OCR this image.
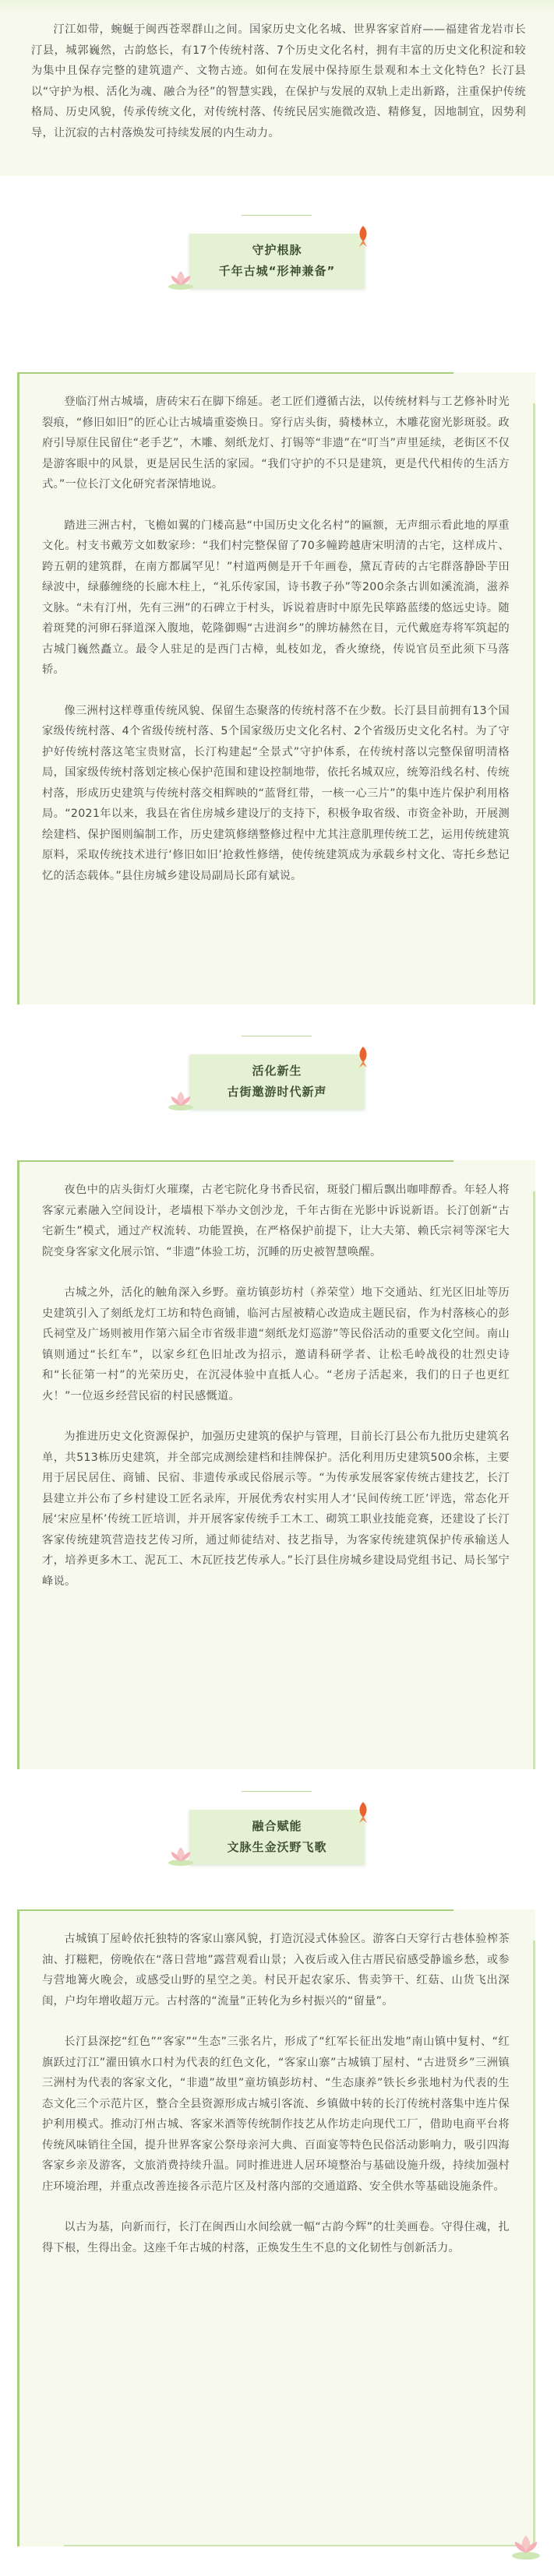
汀江如带，蜿蜒于闽西苍翠群山之间。国家历史文化名城、世界客家首府——福建省龙岩市长汀县，城郭巍然，古韵悠长，有17个传统村落、7个历史文化名村，拥有丰富的历史文化积淀和较为集中且保存完整的建筑遗产、文物古迹。如何在发展中保持原生景观和本土文化特色？长汀县以“守护为根、活化为魂、融合为径”的智慧实践，在保护与发展的双轨上走出新路，注重保护传统格局、历史风貌，传承传统文化，对传统村落、传统民居实施微改造、精修复，因地制宜，因势利导，让沉寂的古村落焕发可持续发展的内生动力。

守护根脉
千年古城“形神兼备”

登临汀州古城墙，唐砖宋石在脚下绵延。老工匠们遵循古法，以传统材料与工艺修补时光裂痕，“修旧如旧”的匠心让古城墙重姿焕日。穿行店头街，骑楼林立，木雕花窗光影斑驳。政府引导原住民留住“老手艺”，木雕、刻纸龙灯、打锡等“非遗”在“叮当”声里延续，老街区不仅是游客眼中的风景，更是居民生活的家园。“我们守护的不只是建筑，更是代代相传的生活方式。”一位长汀文化研究者深情地说。

踏进三洲古村，飞檐如翼的门楼高悬“中国历史文化名村”的匾额，无声细示看此地的厚重文化。村支书戴芳文如数家珍：“我们村完整保留了70多幢跨越唐宋明清的古宅，这样成片、跨五朝的建筑群，在南方都属罕见！”村道两侧是开千年画卷，黛瓦青砖的古宅群落静卧芋田绿波中，绿藤缠绕的长廊木柱上，“礼乐传家国，诗书教子孙”等200余条古训如溪流淌，滋养文脉。“未有汀州，先有三洲”的石碑立于村头，诉说着唐时中原先民筚路蓝缕的悠远史诗。随着斑凳的河卵石驿道深入腹地，乾隆御赐“古进润乡”的牌坊赫然在目，元代戴庭寿将军筑起的古城门巍然矗立。最令人驻足的是西门古樟，虬枝如龙，香火缭绕，传说官员至此须下马落轿。

像三洲村这样尊重传统风貌、保留生态聚落的传统村落不在少数。长汀县目前拥有13个国家级传统村落、4个省级传统村落、5个国家级历史文化名村、2个省级历史文化名村。为了守护好传统村落这笔宝贵财富，长汀构建起“全景式”守护体系，在传统村落以完整保留明清格局，国家级传统村落划定核心保护范围和建设控制地带，依托名城双应，统筹沿线名村、传统村落，形成历史建筑与传统村落交相辉映的“蓝肾红带，一核一心三片”的集中连片保护利用格局。“2021年以来，我县在省住房城乡建设厅的支持下，积极争取省级、市资金补助，开展测绘建档、保护图则编制工作，历史建筑修缮整修过程中尤其注意肌理传统工艺，运用传统建筑原料，采取传统技术进行‘修旧如旧’抢救性修缮，使传统建筑成为承载乡村文化、寄托乡愁记忆的活态载体。”县住房城乡建设局副局长邱有斌说。

活化新生
古街邀游时代新声

夜色中的店头街灯火璀璨，古老宅院化身书香民宿，斑驳门楣后飘出咖啡醇香。年轻人将客家元素融入空间设计，老墙根下举办文创沙龙，千年古街在光影中诉说新语。长汀创新“古宅新生”模式，通过产权流转、功能置换，在严格保护前提下，让大夫第、赖氏宗祠等深宅大院变身客家文化展示馆、“非遗”体验工坊，沉睡的历史被智慧唤醒。

古城之外，活化的触角深入乡野。童坊镇彭坊村（养荣堂）地下交通站、红光区旧址等历史建筑引入了刻纸龙灯工坊和特色商铺，临河古屋被精心改造成主题民宿，作为村落核心的彭氏祠堂及广场则被用作第六届全市省级非遗“刻纸龙灯巡游”等民俗活动的重要文化空间。南山镇则通过“长红车”，以家乡红色旧址改为招示，邀请科研学者、让松毛岭战役的壮烈史诗和“长征第一村”的光荣历史，在沉浸体验中直抵人心。“老房子活起来，我们的日子也更红火！”一位返乡经营民宿的村民感慨道。

为推进历史文化资源保护，加强历史建筑的保护与管理，目前长汀县公布九批历史建筑名单，共513栋历史建筑，并全部完成测绘建档和挂牌保护。活化利用历史建筑500余栋，主要用于居民居住、商铺、民宿、非遗传承或民俗展示等。“为传承发展客家传统古建技艺，长汀县建立并公布了乡村建设工匠名录库，开展优秀农村实用人才‘民间传统工匠’评选，常态化开展‘宋应星杯’传统工匠培训，并开展客家传统手工木工、砌筑工职业技能竞赛，还建设了长汀客家传统建筑营造技艺传习所，通过师徒结对、技艺指导，为客家传统建筑保护传承输送人才，培养更多木工、泥瓦工、木瓦匠技艺传承人。”长汀县住房城乡建设局党组书记、局长邹宁峰说。

融合赋能
文脉生金沃野飞歌

古城镇丁屋岭依托独特的客家山寨风貌，打造沉浸式体验区。游客白天穿行古巷体验榨茶油、打糍粑，傍晚依在“落日营地”露营观看山景；入夜后或入住古厝民宿感受静谧乡愁，或参与营地篝火晚会，或感受山野的星空之美。村民开起农家乐、售卖笋干、红菇、山货飞出深闺，户均年增收超万元。古村落的“流量”正转化为乡村振兴的“留量”。

长汀县深挖“红色”“客家”“生态”三张名片，形成了“红军长征出发地”南山镇中复村、“红旗跃过汀江”濯田镇水口村为代表的红色文化，“客家山寨”古城镇丁屋村、“古进贤乡”三洲镇三洲村为代表的客家文化，“非遗”故里”童坊镇彭坊村、“生态康养”铁长乡张地村为代表的生态文化三个示范片区，整合全县资源形成古城引客流、乡镇做中转的长汀传统村落集中连片保护利用模式。推动汀州古城、客家米酒等传统制作技艺从作坊走向现代工厂，借助电商平台将传统风味销往全国，提升世界客家公祭母亲河大典、百面宴等特色民俗活动影响力，吸引四海客家乡亲及游客，文旅消费持续升温。同时推进进人居环境整治与基础设施升级，持续加强村庄环境治理，并重点改善连接各示范片区及村落内部的交通道路、安全供水等基础设施条件。

以古为基，向新而行，长汀在闽西山水间绘就一幅“古韵今辉”的壮美画卷。守得住魂，扎得下根，生得出金。这座千年古城的村落，正焕发生生不息的文化韧性与创新活力。
